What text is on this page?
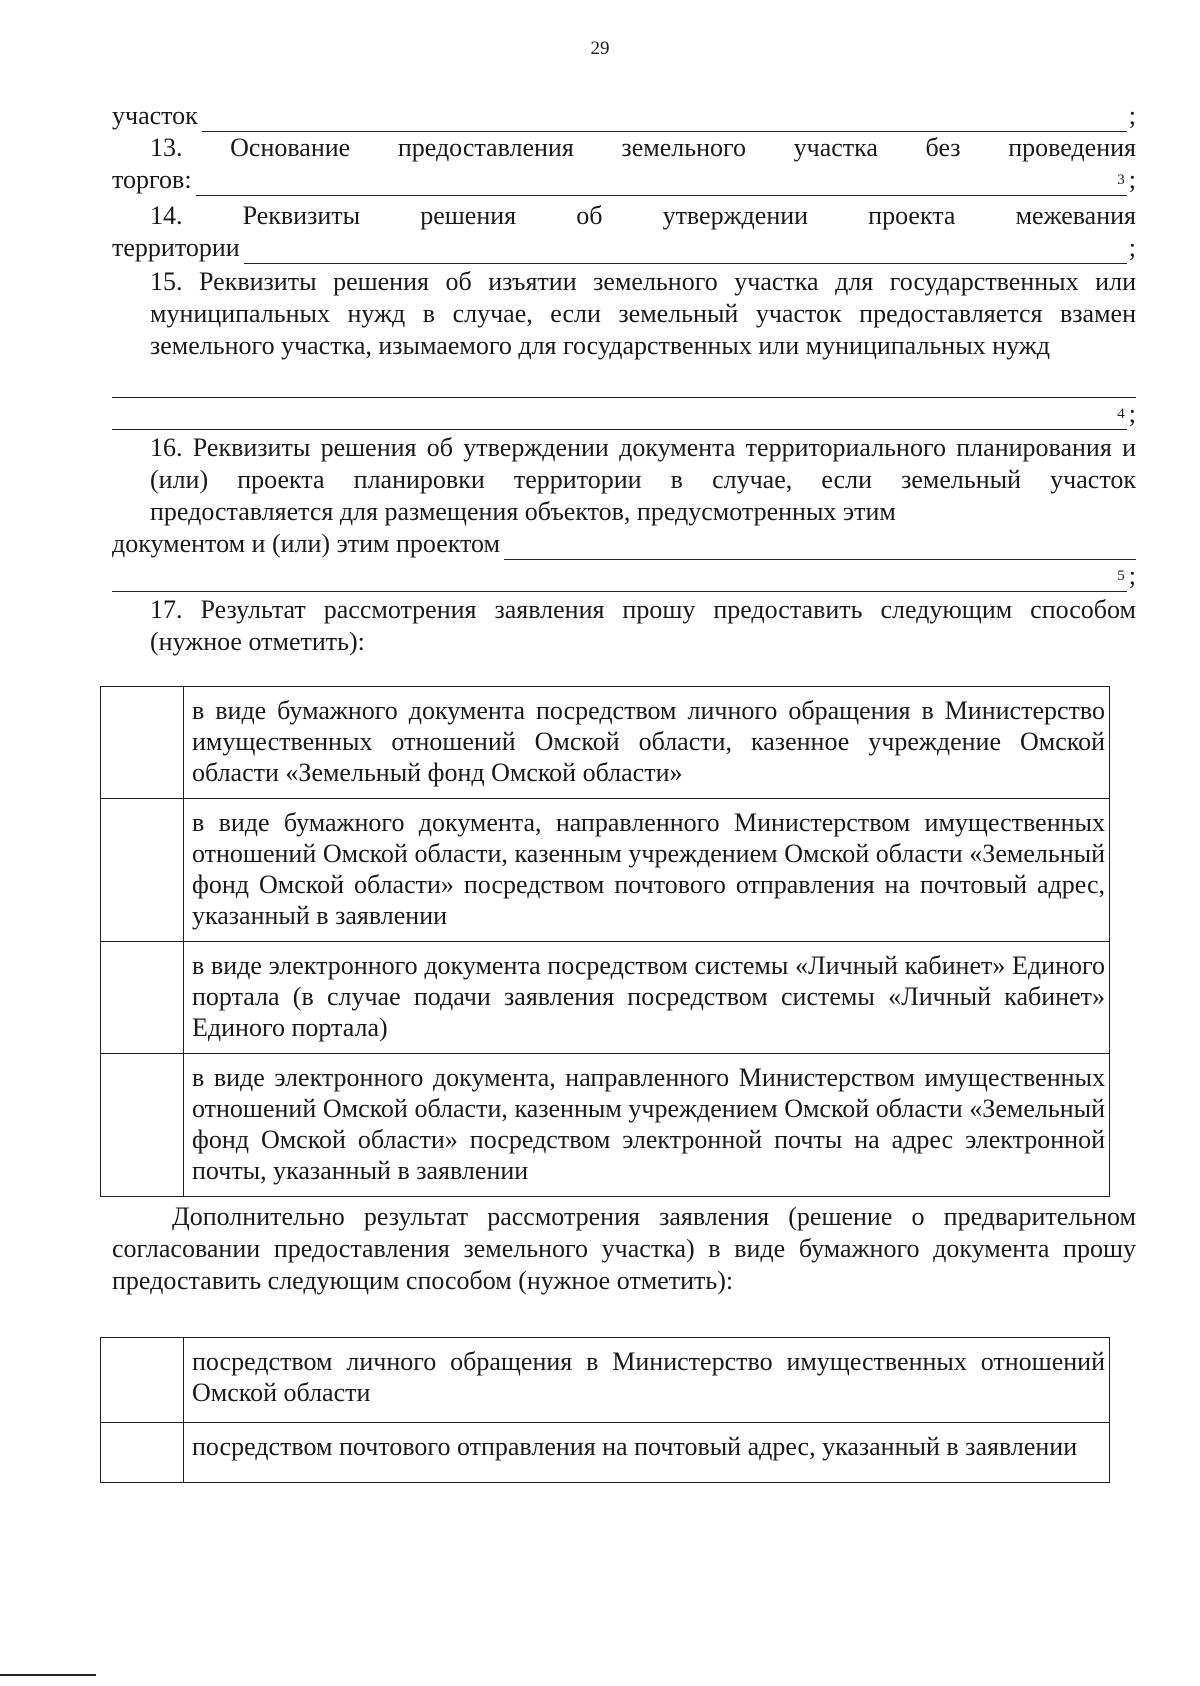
29
участок	;
13. Основание предоставления земельного участка без проведения
торгов:	3 ;
14. Реквизиты решения об утверждении проекта межевания
территории	;
15. Реквизиты решения об изъятии земельного участка для государственных или муниципальных нужд в случае, если земельный участок предоставляется взамен земельного участка, изымаемого для государственных или муниципальных нужд
4 ;
16. Реквизиты решения об утверждении документа территориального планирования и (или) проекта планировки территории в случае, если земельный участок предоставляется для размещения объектов, предусмотренных этим
документом и (или) этим проектом
5 ;
17. Результат рассмотрения заявления прошу предоставить следующим способом (нужное отметить):
	в виде бумажного документа посредством личного обращения в Министерство имущественных отношений Омской области, казенное учреждение Омской области «Земельный фонд Омской области»
	в виде бумажного документа, направленного Министерством имущественных отношений Омской области, казенным учреждением Омской области «Земельный фонд Омской области» посредством почтового отправления на почтовый адрес, указанный в заявлении
	в виде электронного документа посредством системы «Личный кабинет» Единого портала (в случае подачи заявления посредством системы «Личный кабинет» Единого портала)
	в виде электронного документа, направленного Министерством имущественных отношений Омской области, казенным учреждением Омской области «Земельный фонд Омской области» посредством электронной почты на адрес электронной почты, указанный в заявлении
Дополнительно результат рассмотрения заявления (решение о предварительном согласовании предоставления земельного участка) в виде бумажного документа прошу предоставить следующим способом (нужное отметить):
	посредством личного обращения в Министерство имущественных отношений Омской области
	посредством почтового отправления на почтовый адрес, указанный в заявлении
